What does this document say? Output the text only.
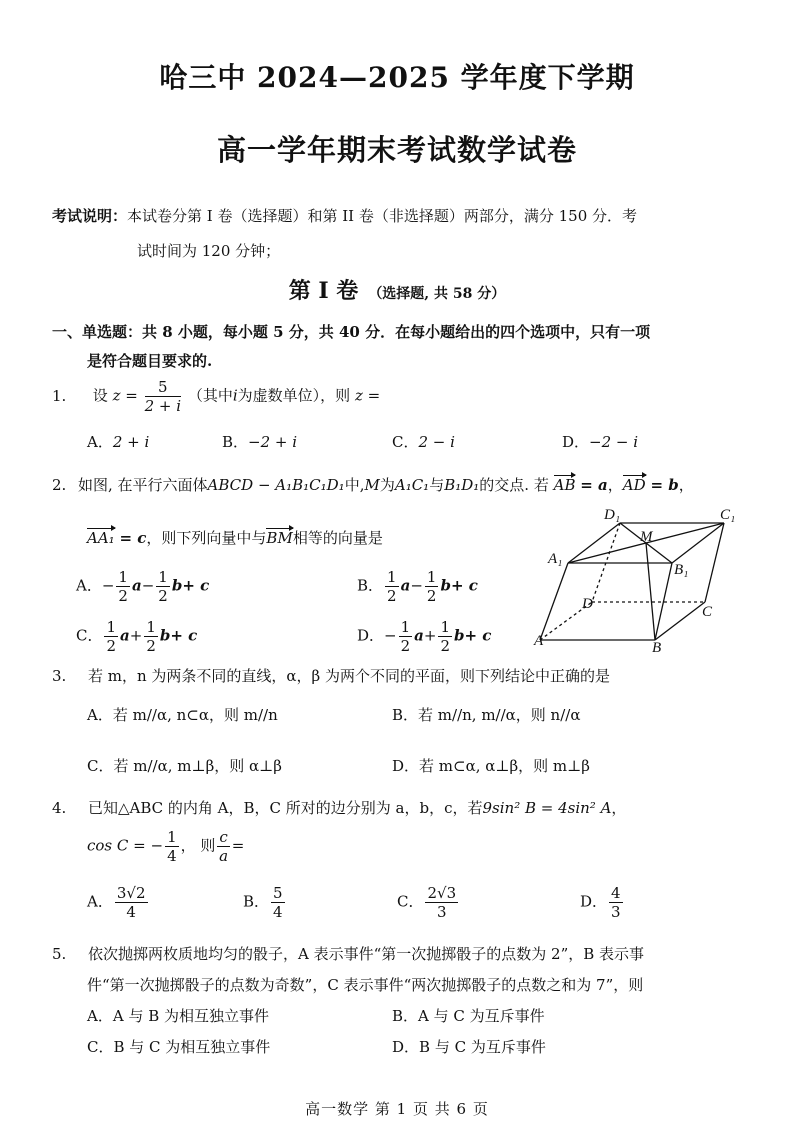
哈三中 2024—2025 学年度下学期
高一学年期末考试数学试卷
考试说明：本试卷分第 I 卷（选择题）和第 II 卷（非选择题）两部分，满分 150 分．考
试时间为 120 分钟；
第 I 卷 （选择题, 共 58 分）
一、单选题：共 8 小题，每小题 5 分，共 40 分．在每小题给出的四个选项中，只有一项
是符合题目要求的.
1. 设 $z = \frac{5}{2 + i}$ （其中i为虚数单位），则 z =
A．2 + i	B．−2 + i	C．2 − i	D．−2 − i
2. 如图, 在平行六面体ABCD − A₁B₁C₁D₁中,M为A₁C₁与B₁D₁的交点. 若 AB = a，AD = b，
AA₁ = c，则下列向量中与BM相等的向量是
A．− $\frac{1}{2} a- \frac{1}{2} b+ c$	B． $\frac{1}{2} a- \frac{1}{2} b+ c$
C． $\frac{1}{2} a+ \frac{1}{2} b+ c$	D．− $\frac{1}{2} a+ \frac{1}{2} b+ c$
D₁
M
C₁
A₁
B₁
D	C
A	B
3. 若 m，n 为两条不同的直线，α，β 为两个不同的平面，则下列结论中正确的是
A．若 m//α, n⊂α，则 m//n	B．若 m//n, m//α，则 n//α
C．若 m//α, m⊥β，则 α⊥β	D．若 m⊂α, α⊥β，则 m⊥β
4. 已知△ABC 的内角 A，B，C 所对的边分别为 a，b，c，若9sin² B = 4sin² A，
cos C = − $\frac{1}{4}$ ， 则 $\frac{c}{a}$ =
A． $\frac{3√2}{4}$	B． $\frac{5}{4}$	C． $\frac{2√3}{3}$	D． $\frac{4}{3}$
5. 依次抛掷两枚质地均匀的骰子，A 表示事件“第一次抛掷骰子的点数为 2”，B 表示事
件“第一次抛掷骰子的点数为奇数”，C 表示事件“两次抛掷骰子的点数之和为 7”，则
A．A 与 B 为相互独立事件	B．A 与 C 为互斥事件
C．B 与 C 为相互独立事件	D．B 与 C 为互斥事件
高一数学 第 1 页 共 6 页
